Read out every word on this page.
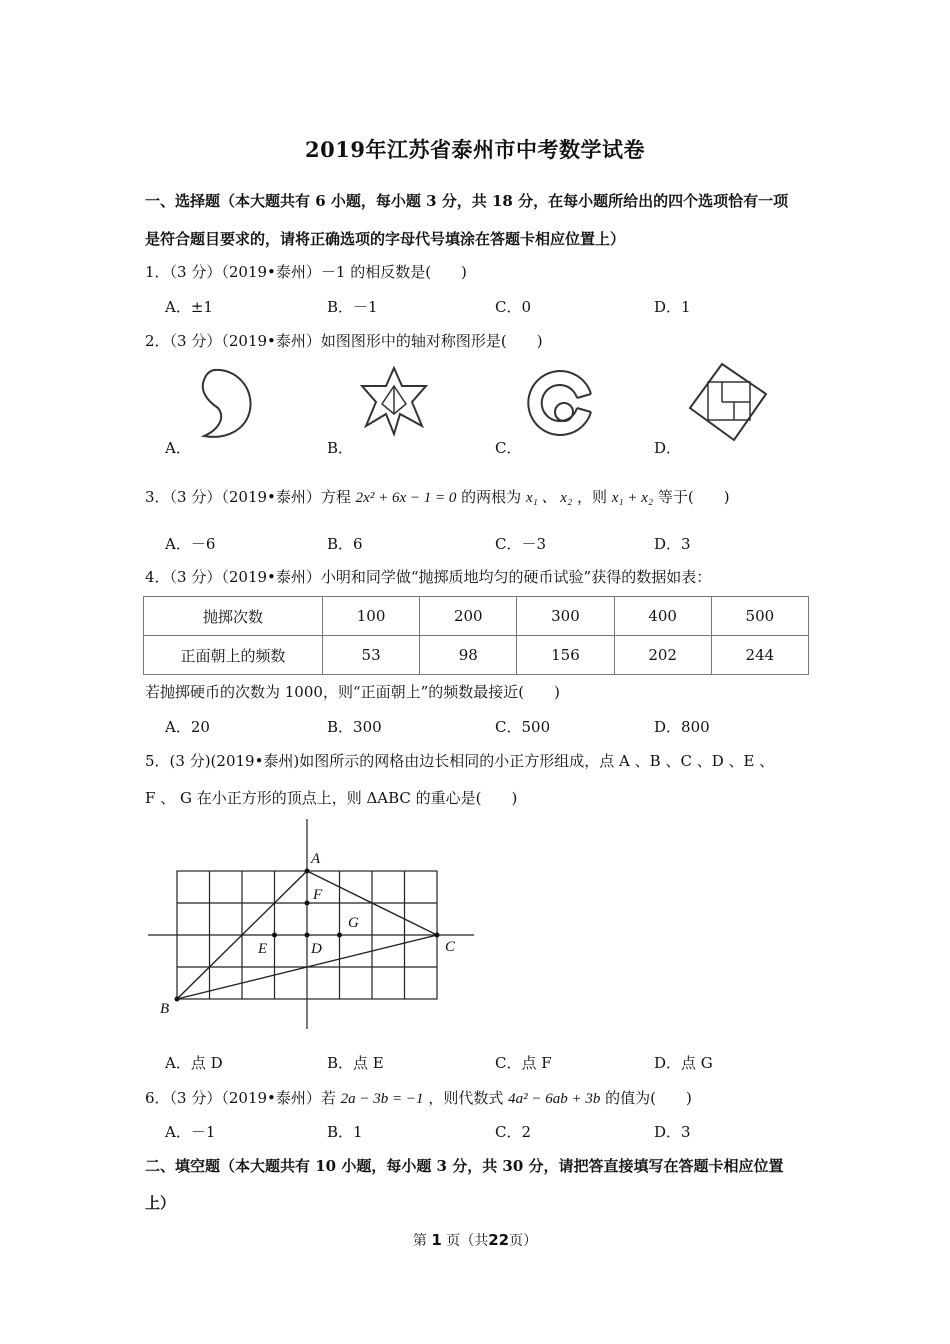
2019年江苏省泰州市中考数学试卷
一、选择题（本大题共有 6 小题，每小题 3 分，共 18 分，在每小题所给出的四个选项恰有一项
是符合题目要求的，请将正确选项的字母代号填涂在答题卡相应位置上）
1．（3 分）（2019•泰州）－1 的相反数是(　　)
A．±1	B．－1	C．0	D．1
2．（3 分）（2019•泰州）如图图形中的轴对称图形是(　　)
A．	B．	C．	D．
3．（3 分）（2019•泰州）方程 2x² + 6x − 1 = 0 的两根为 x₁ 、 x₂ ，则 x₁ + x₂ 等于(　　)
A．－6	B．6	C．－3	D．3
4．（3 分）（2019•泰州）小明和同学做“抛掷质地均匀的硬币试验”获得的数据如表：
抛掷次数	100	200	300	400	500
正面朝上的频数	53	98	156	202	244
若抛掷硬币的次数为 1000，则“正面朝上”的频数最接近(　　)
A．20	B．300	C．500	D．800
5．(3 分)(2019•泰州)如图所示的网格由边长相同的小正方形组成，点 A 、B 、C 、D 、E 、
F 、 G 在小正方形的顶点上，则 ΔABC 的重心是(　　)
A
F
G
E	D	C
B
A．点 D	B．点 E	C．点 F	D．点 G
6．（3 分）（2019•泰州）若 2a − 3b = −1 ，则代数式 4a² − 6ab + 3b 的值为(　　)
A．－1	B．1	C．2	D．3
二、填空题（本大题共有 10 小题，每小题 3 分，共 30 分，请把答直接填写在答题卡相应位置
上）
第 1 页（共22页）
